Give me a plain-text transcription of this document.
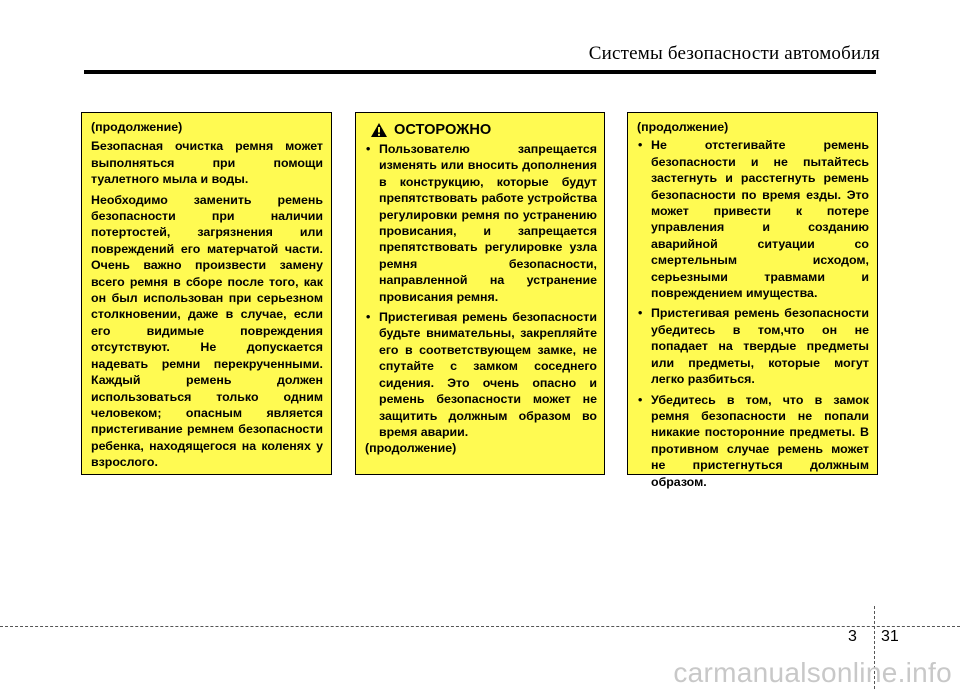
Системы безопасности автомобиля

(продолжение)

Безопасная очистка ремня может выполняться при помощи туалетного мыла и воды.

Необходимо заменить ремень безопасности при наличии потертостей, загрязнения или повреждений его матерчатой части. Очень важно произвести замену всего ремня в сборе после того, как он был использован при серьезном столкновении, даже в случае, если его видимые повреждения отсутствуют. Не допускается надевать ремни перекрученными. Каждый ремень должен использоваться только одним человеком; опасным является пристегивание ремнем безопасности ребенка, находящегося на коленях у взрослого.

ОСТОРОЖНО
• Пользователю запрещается изменять или вносить дополнения в конструкцию, которые будут препятствовать работе устройства регулировки ремня по устранению провисания, и запрещается препятствовать регулировке узла ремня безопасности, направленной на устранение провисания ремня.
• Пристегивая ремень безопасности будьте внимательны, закрепляйте его в соответствующем замке, не спутайте с замком соседнего сидения. Это очень опасно и ремень безопасности может не защитить должным образом во время аварии.

(продолжение)

(продолжение)

• Не отстегивайте ремень безопасности и не пытайтесь застегнуть и расстегнуть ремень безопасности по время езды. Это может привести к потере управления и созданию аварийной ситуации со смертельным исходом, серьезными травмами и повреждением имущества.
• Пристегивая ремень безопасности убедитесь в том,что он не попадает на твердые предметы или предметы, которые могут легко разбиться.
• Убедитесь в том, что в замок ремня безопасности не попали никакие посторонние предметы. В противном случае ремень может не пристегнуться должным образом.
3 31
carmanualsonline.info
